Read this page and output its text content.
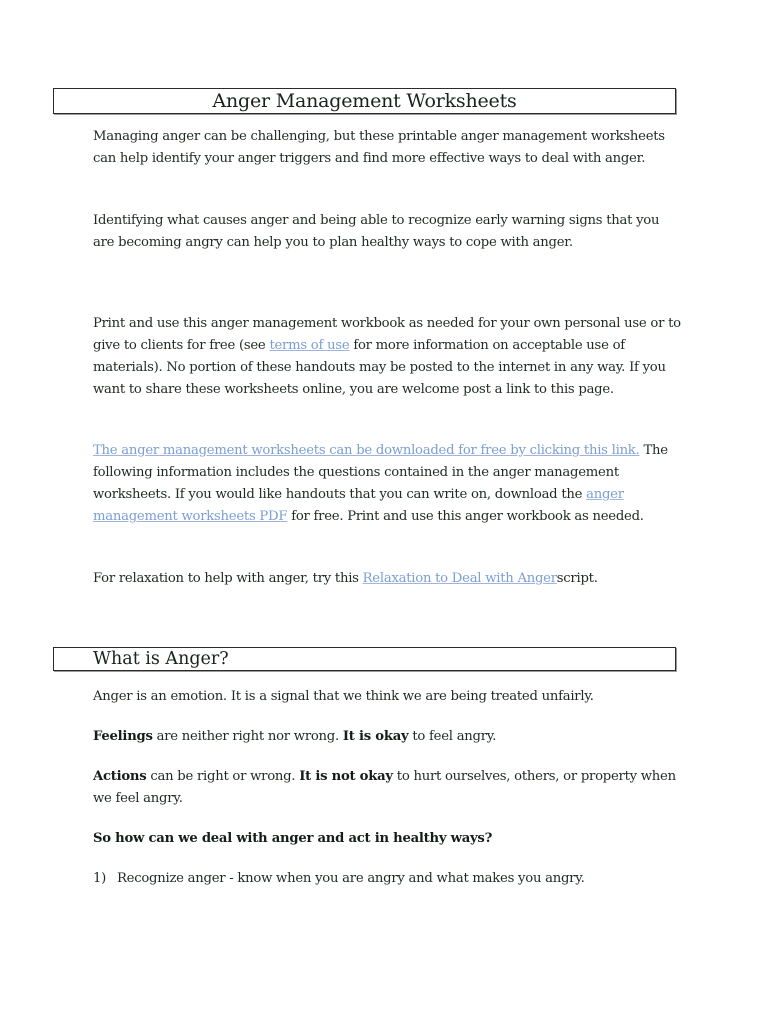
Anger Management Worksheets

Managing anger can be challenging, but these printable anger management worksheets can help identify your anger triggers and find more effective ways to deal with anger.

Identifying what causes anger and being able to recognize early warning signs that you are becoming angry can help you to plan healthy ways to cope with anger.

Print and use this anger management workbook as needed for your own personal use or to give to clients for free (see terms of use for more information on acceptable use of materials). No portion of these handouts may be posted to the internet in any way. If you want to share these worksheets online, you are welcome post a link to this page.

The anger management worksheets can be downloaded for free by clicking this link. The following information includes the questions contained in the anger management worksheets. If you would like handouts that you can write on, download the anger management worksheets PDF for free. Print and use this anger workbook as needed.

For relaxation to help with anger, try this Relaxation to Deal with Angerscript.

What is Anger?

Anger is an emotion. It is a signal that we think we are being treated unfairly.

Feelings are neither right nor wrong. It is okay to feel angry.

Actions can be right or wrong. It is not okay to hurt ourselves, others, or property when we feel angry.

So how can we deal with anger and act in healthy ways?

1) Recognize anger - know when you are angry and what makes you angry.
